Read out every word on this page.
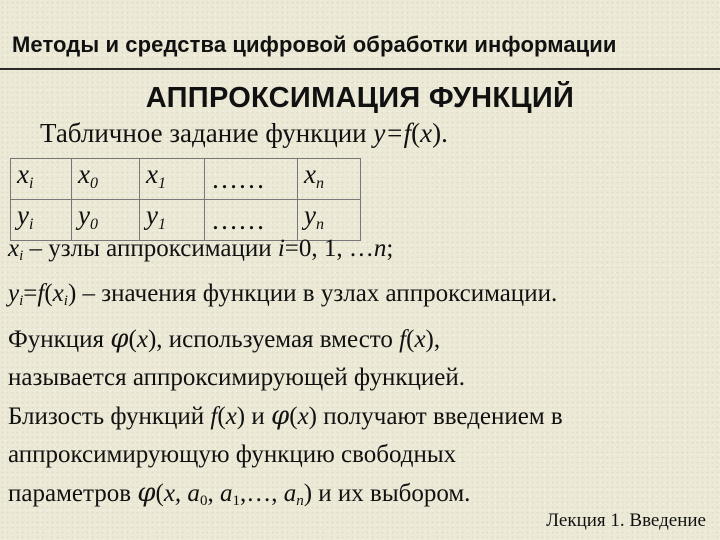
Методы и средства цифровой обработки информации
АППРОКСИМАЦИЯ ФУНКЦИЙ
Табличное задание функции y=f(x).
$x_i$	$x_0$	$x_1$	……	$x_n$
$y_i$	$y_0$	$y_1$	……	$y_n$
$x_i$ – узлы аппроксимации i=0, 1, …n;
$y_i=f(x_i)$ – значения функции в узлах аппроксимации.
Функция φ(x), используемая вместо f(x),
называется аппроксимирующей функцией.
Близость функций f(x) и φ(x) получают введением в
аппроксимирующую функцию свободных
параметров φ(x, $a_0$, $a_1,\dots$, $a_n$) и их выбором.
Лекция 1. Введение
